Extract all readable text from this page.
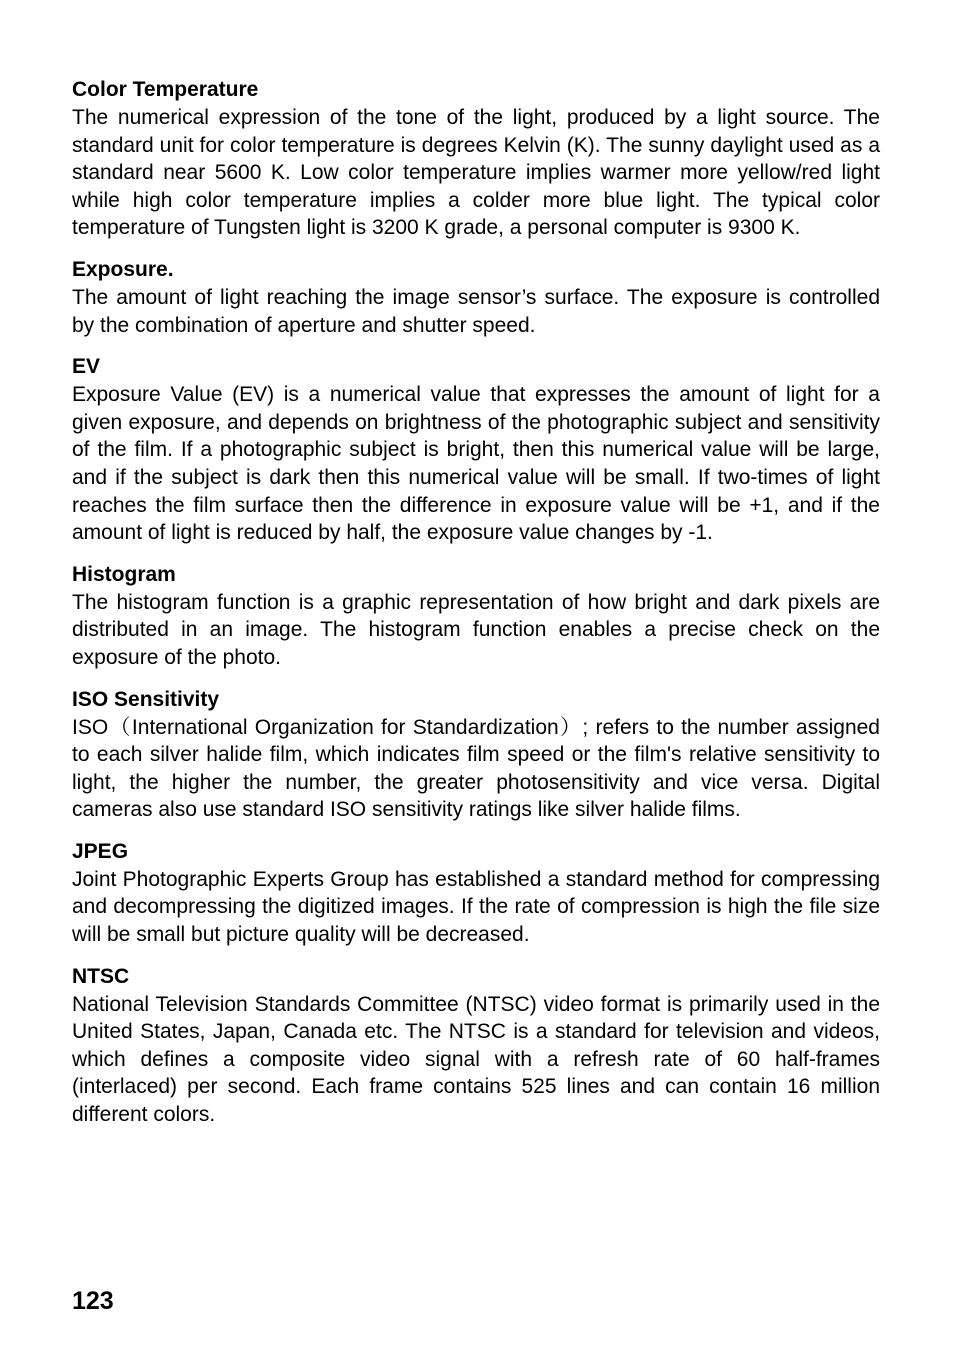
Color Temperature

The numerical expression of the tone of the light, produced by a light source. The standard unit for color temperature is degrees Kelvin (K). The sunny daylight used as a standard near 5600 K. Low color temperature implies warmer more yellow/red light while high color temperature implies a colder more blue light. The typical color temperature of Tungsten light is 3200 K grade, a personal computer is 9300 K.

Exposure.

The amount of light reaching the image sensor’s surface. The exposure is controlled by the combination of aperture and shutter speed.

EV

Exposure Value (EV) is a numerical value that expresses the amount of light for a given exposure, and depends on brightness of the photographic subject and sensitivity of the film. If a photographic subject is bright, then this numerical value will be large, and if the subject is dark then this numerical value will be small. If two-times of light reaches the film surface then the difference in exposure value will be +1, and if the amount of light is reduced by half, the exposure value changes by -1.

Histogram

The histogram function is a graphic representation of how bright and dark pixels are distributed in an image. The histogram function enables a precise check on the exposure of the photo.

ISO Sensitivity

ISO（International Organization for Standardization）; refers to the number assigned to each silver halide film, which indicates film speed or the film's relative sensitivity to light, the higher the number, the greater photosensitivity and vice versa. Digital cameras also use standard ISO sensitivity ratings like silver halide films.

JPEG

Joint Photographic Experts Group has established a standard method for compressing and decompressing the digitized images. If the rate of compression is high the file size will be small but picture quality will be decreased.

NTSC

National Television Standards Committee (NTSC) video format is primarily used in the United States, Japan, Canada etc. The NTSC is a standard for television and videos, which defines a composite video signal with a refresh rate of 60 half-frames (interlaced) per second. Each frame contains 525 lines and can contain 16 million different colors.

123
